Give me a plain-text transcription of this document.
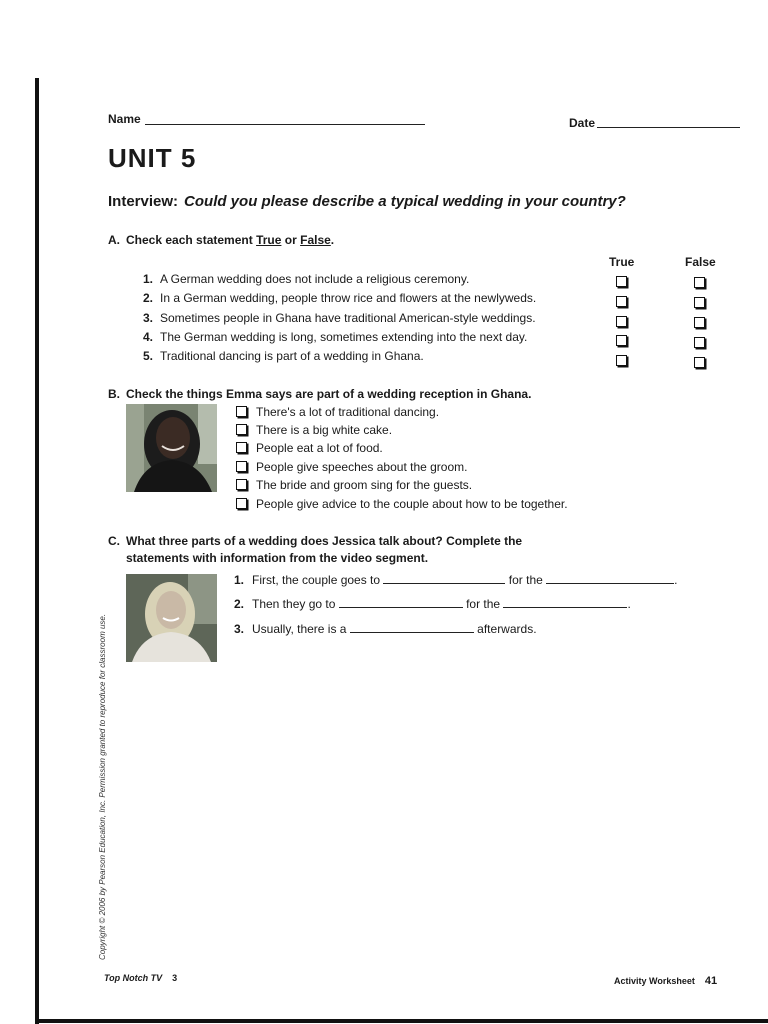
Name	Date
UNIT 5
Interview: Could you please describe a typical wedding in your country?
A. Check each statement True or False.
True	False
1. A German wedding does not include a religious ceremony.
2. In a German wedding, people throw rice and flowers at the newlyweds.
3. Sometimes people in Ghana have traditional American-style weddings.
4. The German wedding is long, sometimes extending into the next day.
5. Traditional dancing is part of a wedding in Ghana.
B. Check the things Emma says are part of a wedding reception in Ghana.
There's a lot of traditional dancing.
There is a big white cake.
People eat a lot of food.
People give speeches about the groom.
The bride and groom sing for the guests.
People give advice to the couple about how to be together.
C. What three parts of a wedding does Jessica talk about? Complete the
statements with information from the video segment.
1. First, the couple goes to	for the	.
2. Then they go to	for the	.
3. Usually, there is a	afterwards.
Copyright © 2006 by Pearson Education, Inc. Permission granted to reproduce for classroom use.
Top Notch TV 3	Activity Worksheet 41
